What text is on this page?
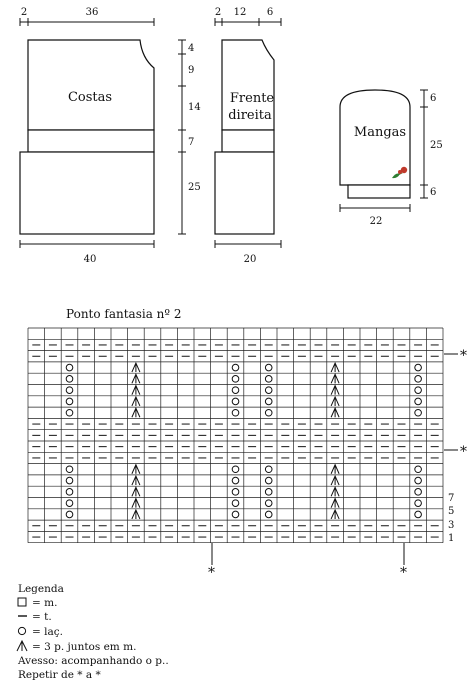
Costas
2	36
4
9
14
7
25
40
Frente
direita
2 12 6
20
Mangas
6
25
6
22
Ponto fantasia nº 2
*
*
*	*
1
3
5
7
Legenda
= m.
= t.
= laç.
= 3 p. juntos em m.
Avesso: acompanhando o p..
Repetir de * a *
